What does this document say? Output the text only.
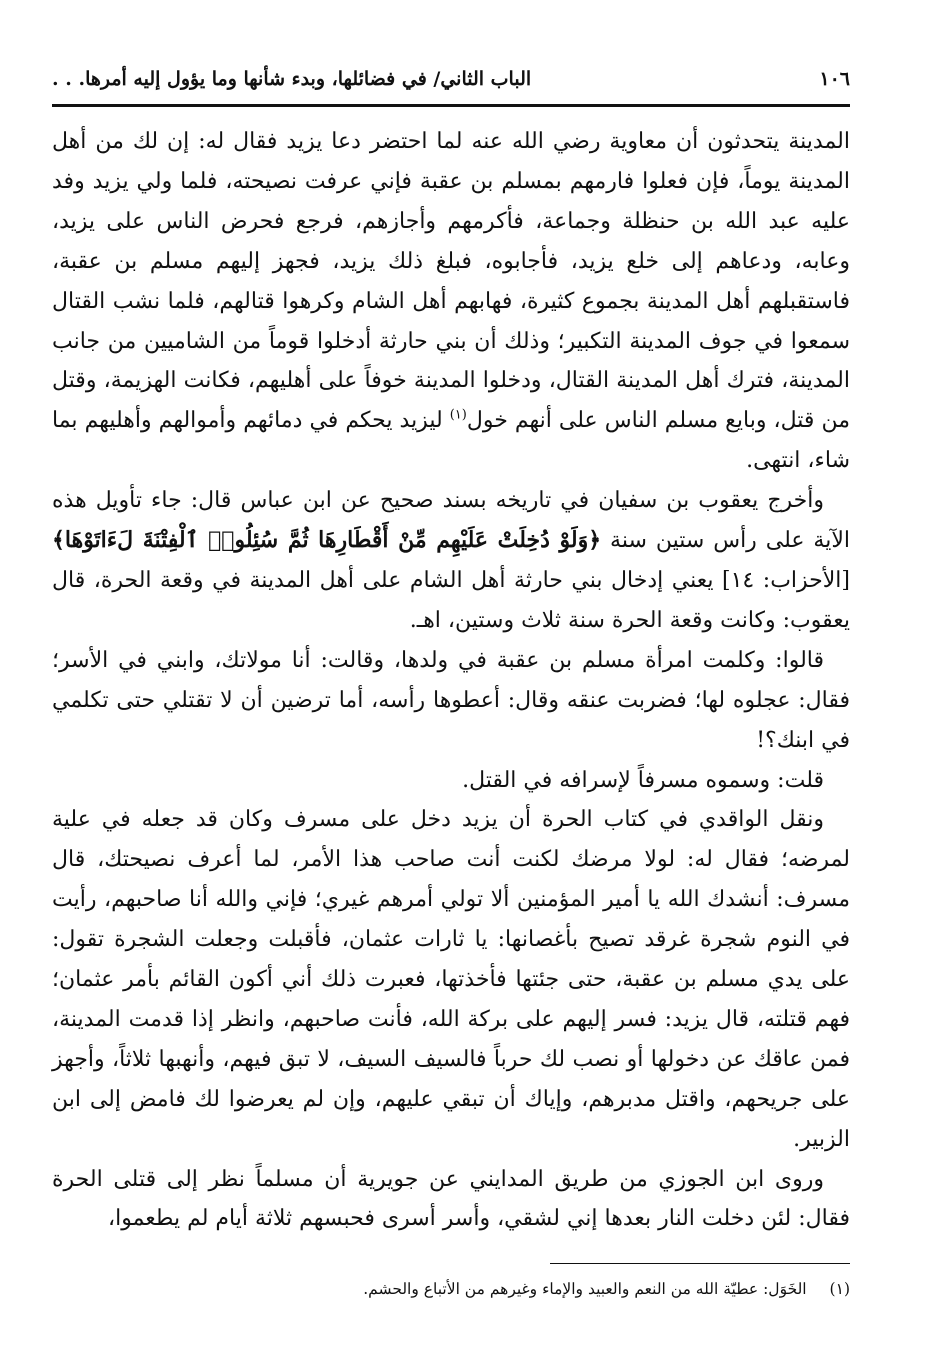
١٠٦
الباب الثاني/ في فضائلها، وبدء شأنها وما يؤول إليه أمرها. . .

المدينة يتحدثون أن معاوية رضي الله عنه لما احتضر دعا يزيد فقال له: إن لك من أهل المدينة يوماً، فإن فعلوا فارمهم بمسلم بن عقبة فإني عرفت نصيحته، فلما ولي يزيد وفد عليه عبد الله بن حنظلة وجماعة، فأكرمهم وأجازهم، فرجع فحرض الناس على يزيد، وعابه، ودعاهم إلى خلع يزيد، فأجابوه، فبلغ ذلك يزيد، فجهز إليهم مسلم بن عقبة، فاستقبلهم أهل المدينة بجموع كثيرة، فهابهم أهل الشام وكرهوا قتالهم، فلما نشب القتال سمعوا في جوف المدينة التكبير؛ وذلك أن بني حارثة أدخلوا قوماً من الشاميين من جانب المدينة، فترك أهل المدينة القتال، ودخلوا المدينة خوفاً على أهليهم، فكانت الهزيمة، وقتل من قتل، وبايع مسلم الناس على أنهم خول$^{(١)}$ ليزيد يحكم في دمائهم وأموالهم وأهليهم بما شاء، انتهى.

وأخرج يعقوب بن سفيان في تاريخه بسند صحيح عن ابن عباس قال: جاء تأويل هذه الآية على رأس ستين سنة ﴿وَلَوْ دُخِلَتْ عَلَيْهِم مِّنْ أَقْطَارِهَا ثُمَّ سُئِلُوا۟ ٱلْفِتْنَةَ لَءَاتَوْهَا﴾ [الأحزاب: ١٤] يعني إدخال بني حارثة أهل الشام على أهل المدينة في وقعة الحرة، قال يعقوب: وكانت وقعة الحرة سنة ثلاث وستين، اهـ.

قالوا: وكلمت امرأة مسلم بن عقبة في ولدها، وقالت: أنا مولاتك، وابني في الأسر؛ فقال: عجلوه لها؛ فضربت عنقه وقال: أعطوها رأسه، أما ترضين أن لا تقتلي حتى تكلمي في ابنك؟!

قلت: وسموه مسرفاً لإسرافه في القتل.

ونقل الواقدي في كتاب الحرة أن يزيد دخل على مسرف وكان قد جعله في علية لمرضه؛ فقال له: لولا مرضك لكنت أنت صاحب هذا الأمر، لما أعرف نصيحتك، قال مسرف: أنشدك الله يا أمير المؤمنين ألا تولي أمرهم غيري؛ فإني والله أنا صاحبهم، رأيت في النوم شجرة غرقد تصيح بأغصانها: يا ثارات عثمان، فأقبلت وجعلت الشجرة تقول: على يدي مسلم بن عقبة، حتى جئتها فأخذتها، فعبرت ذلك أني أكون القائم بأمر عثمان؛ فهم قتلته، قال يزيد: فسر إليهم على بركة الله، فأنت صاحبهم، وانظر إذا قدمت المدينة، فمن عاقك عن دخولها أو نصب لك حرباً فالسيف السيف، لا تبق فيهم، وأنهبها ثلاثاً، وأجهز على جريحهم، واقتل مدبرهم، وإياك أن تبقي عليهم، وإن لم يعرضوا لك فامض إلى ابن الزبير.

وروى ابن الجوزي من طريق المدايني عن جويرية أن مسلماً نظر إلى قتلى الحرة فقال: لئن دخلت النار بعدها إني لشقي، وأسر أسرى فحبسهم ثلاثة أيام لم يطعموا،

(١) الخَوَل: عطيّة الله من النعم والعبيد والإماء وغيرهم من الأتباع والحشم.
